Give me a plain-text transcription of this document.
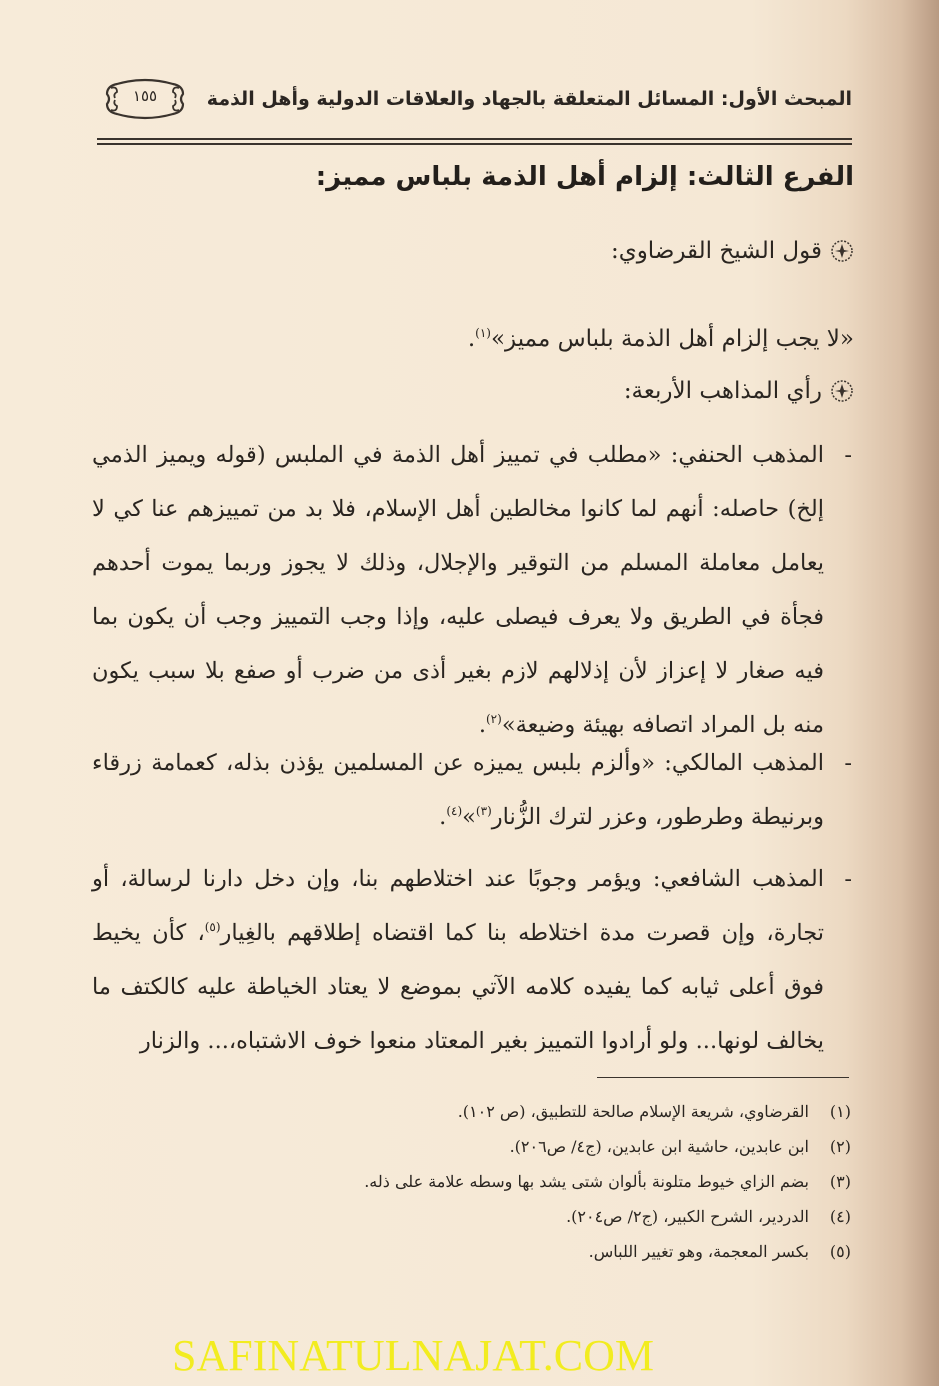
١٥٥	المبحث الأول: المسائل المتعلقة بالجهاد والعلاقات الدولية وأهل الذمة
الفرع الثالث: إلزام أهل الذمة بلباس مميز:
قول الشيخ القرضاوي:
«لا يجب إلزام أهل الذمة بلباس مميز»$^{(١)}$.
رأي المذاهب الأربعة:
-

المذهب الحنفي: «مطلب في تمييز أهل الذمة في الملبس (قوله ويميز الذمي إلخ) حاصله: أنهم لما كانوا مخالطين أهل الإسلام، فلا بد من تمييزهم عنا كي لا يعامل معاملة المسلم من التوقير والإجلال، وذلك لا يجوز وربما يموت أحدهم فجأة في الطريق ولا يعرف فيصلى عليه، وإذا وجب التمييز وجب أن يكون بما فيه صغار لا إعزاز لأن إذلالهم لازم بغير أذى من ضرب أو صفع بلا سبب يكون منه بل المراد اتصافه بهيئة وضيعة»$^{(٢)}$.

-

المذهب المالكي: «وألزم بلبس يميزه عن المسلمين يؤذن بذله، كعمامة زرقاء وبرنيطة وطرطور، وعزر لترك الزُّنار$^{(٣)}$»$^{(٤)}$.

-

المذهب الشافعي: ويؤمر وجوبًا عند اختلاطهم بنا، وإن دخل دارنا لرسالة، أو تجارة، وإن قصرت مدة اختلاطه بنا كما اقتضاه إطلاقهم بالغِيار$^{(٥)}$، كأن يخيط فوق أعلى ثيابه كما يفيده كلامه الآتي بموضع لا يعتاد الخياطة عليه كالكتف ما يخالف لونها... ولو أرادوا التمييز بغير المعتاد منعوا خوف الاشتباه،... والزنار

(١)
القرضاوي، شريعة الإسلام صالحة للتطبيق، (ص ١٠٢).
(٢)
ابن عابدين، حاشية ابن عابدين، (ج٤/ ص٢٠٦).
(٣)
بضم الزاي خيوط متلونة بألوان شتى يشد بها وسطه علامة على ذله.
(٤)
الدردير، الشرح الكبير، (ج٢/ ص٢٠٤).
(٥)
بكسر المعجمة، وهو تغيير اللباس.
SAFINATULNAJAT.COM
